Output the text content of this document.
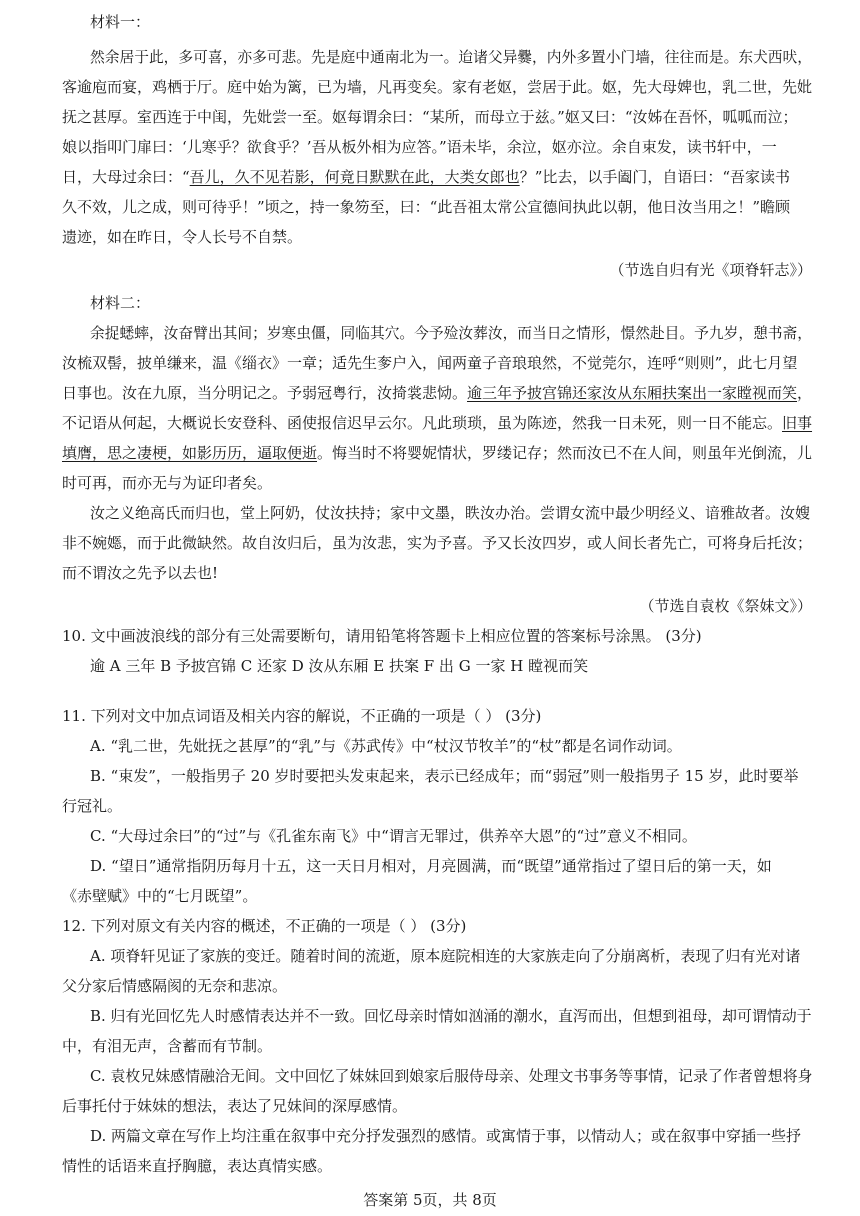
材料一：
然余居于此，多可喜，亦多可悲。先是庭中通南北为一。迨诸父异爨，内外多置小门墙，往往而是。东犬西吠，
客逾庖而宴，鸡栖于厅。庭中始为篱，已为墙，凡再变矣。家有老妪，尝居于此。妪，先大母婢也，乳二世，先妣
抚之甚厚。室西连于中闺，先妣尝一至。妪每谓余曰：“某所，而母立于兹。”妪又曰：“汝姊在吾怀，呱呱而泣；
娘以指叩门扉曰：‘儿寒乎？欲食乎？’吾从板外相为应答。”语未毕，余泣，妪亦泣。余自束发，读书轩中，一
日，大母过余曰：“吾儿，久不见若影，何竟日默默在此，大类女郎也？”比去，以手阖门，自语曰：“吾家读书
久不效，儿之成，则可待乎！”顷之，持一象笏至，曰：“此吾祖太常公宣德间执此以朝，他日汝当用之！”瞻顾
遗迹，如在昨日，令人长号不自禁。
（节选自归有光《项脊轩志》）
材料二：
余捉蟋蟀，汝奋臂出其间；岁寒虫僵，同临其穴。今予殓汝葬汝，而当日之情形，憬然赴目。予九岁，憩书斋，
汝梳双髻，披单缣来，温《缁衣》一章；适先生奓户入，闻两童子音琅琅然，不觉莞尔，连呼“则则”，此七月望
日事也。汝在九原，当分明记之。予弱冠粤行，汝掎裳悲恸。逾三年予披宫锦还家汝从东厢扶案出一家瞠视而笑，
不记语从何起，大概说长安登科、函使报信迟早云尔。凡此琐琐，虽为陈迹，然我一日未死，则一日不能忘。旧事
填膺，思之凄梗，如影历历，逼取便逝。悔当时不将婴妮情状，罗缕记存；然而汝已不在人间，则虽年光倒流，儿
时可再，而亦无与为证印者矣。
汝之义绝高氏而归也，堂上阿奶，仗汝扶持；家中文墨，眣汝办治。尝谓女流中最少明经义、谙雅故者。汝嫂
非不婉嫕，而于此微缺然。故自汝归后，虽为汝悲，实为予喜。予又长汝四岁，或人间长者先亡，可将身后托汝；
而不谓汝之先予以去也!
（节选自袁枚《祭妹文》）
10. 文中画波浪线的部分有三处需要断句，请用铅笔将答题卡上相应位置的答案标号涂黑。 (3分)
逾 A 三年 B 予披宫锦 C 还家 D 汝从东厢 E 扶案 F 出 G 一家 H 瞠视而笑
11. 下列对文中加点词语及相关内容的解说，不正确的一项是（ ） (3分)
A. “乳二世，先妣抚之甚厚”的“乳”与《苏武传》中“杖汉节牧羊”的“杖”都是名词作动词。
B. “束发”，一般指男子 20 岁时要把头发束起来，表示已经成年；而“弱冠”则一般指男子 15 岁，此时要举
行冠礼。
C. “大母过余曰”的“过”与《孔雀东南飞》中“谓言无罪过，供养卒大恩”的“过”意义不相同。
D. “望日”通常指阴历每月十五，这一天日月相对，月亮圆满，而“既望”通常指过了望日后的第一天，如
《赤壁赋》中的“七月既望”。
12. 下列对原文有关内容的概述，不正确的一项是（ ） (3分)
A. 项脊轩见证了家族的变迁。随着时间的流逝，原本庭院相连的大家族走向了分崩离析，表现了归有光对诸
父分家后情感隔阂的无奈和悲凉。
B. 归有光回忆先人时感情表达并不一致。回忆母亲时情如汹涌的潮水，直泻而出，但想到祖母，却可谓情动于
中，有泪无声，含蓄而有节制。
C. 袁枚兄妹感情融洽无间。文中回忆了妹妹回到娘家后服侍母亲、处理文书事务等事情，记录了作者曾想将身
后事托付于妹妹的想法，表达了兄妹间的深厚感情。
D. 两篇文章在写作上均注重在叙事中充分抒发强烈的感情。或寓情于事，以情动人；或在叙事中穿插一些抒
情性的话语来直抒胸臆，表达真情实感。
答案第 5页，共 8页
